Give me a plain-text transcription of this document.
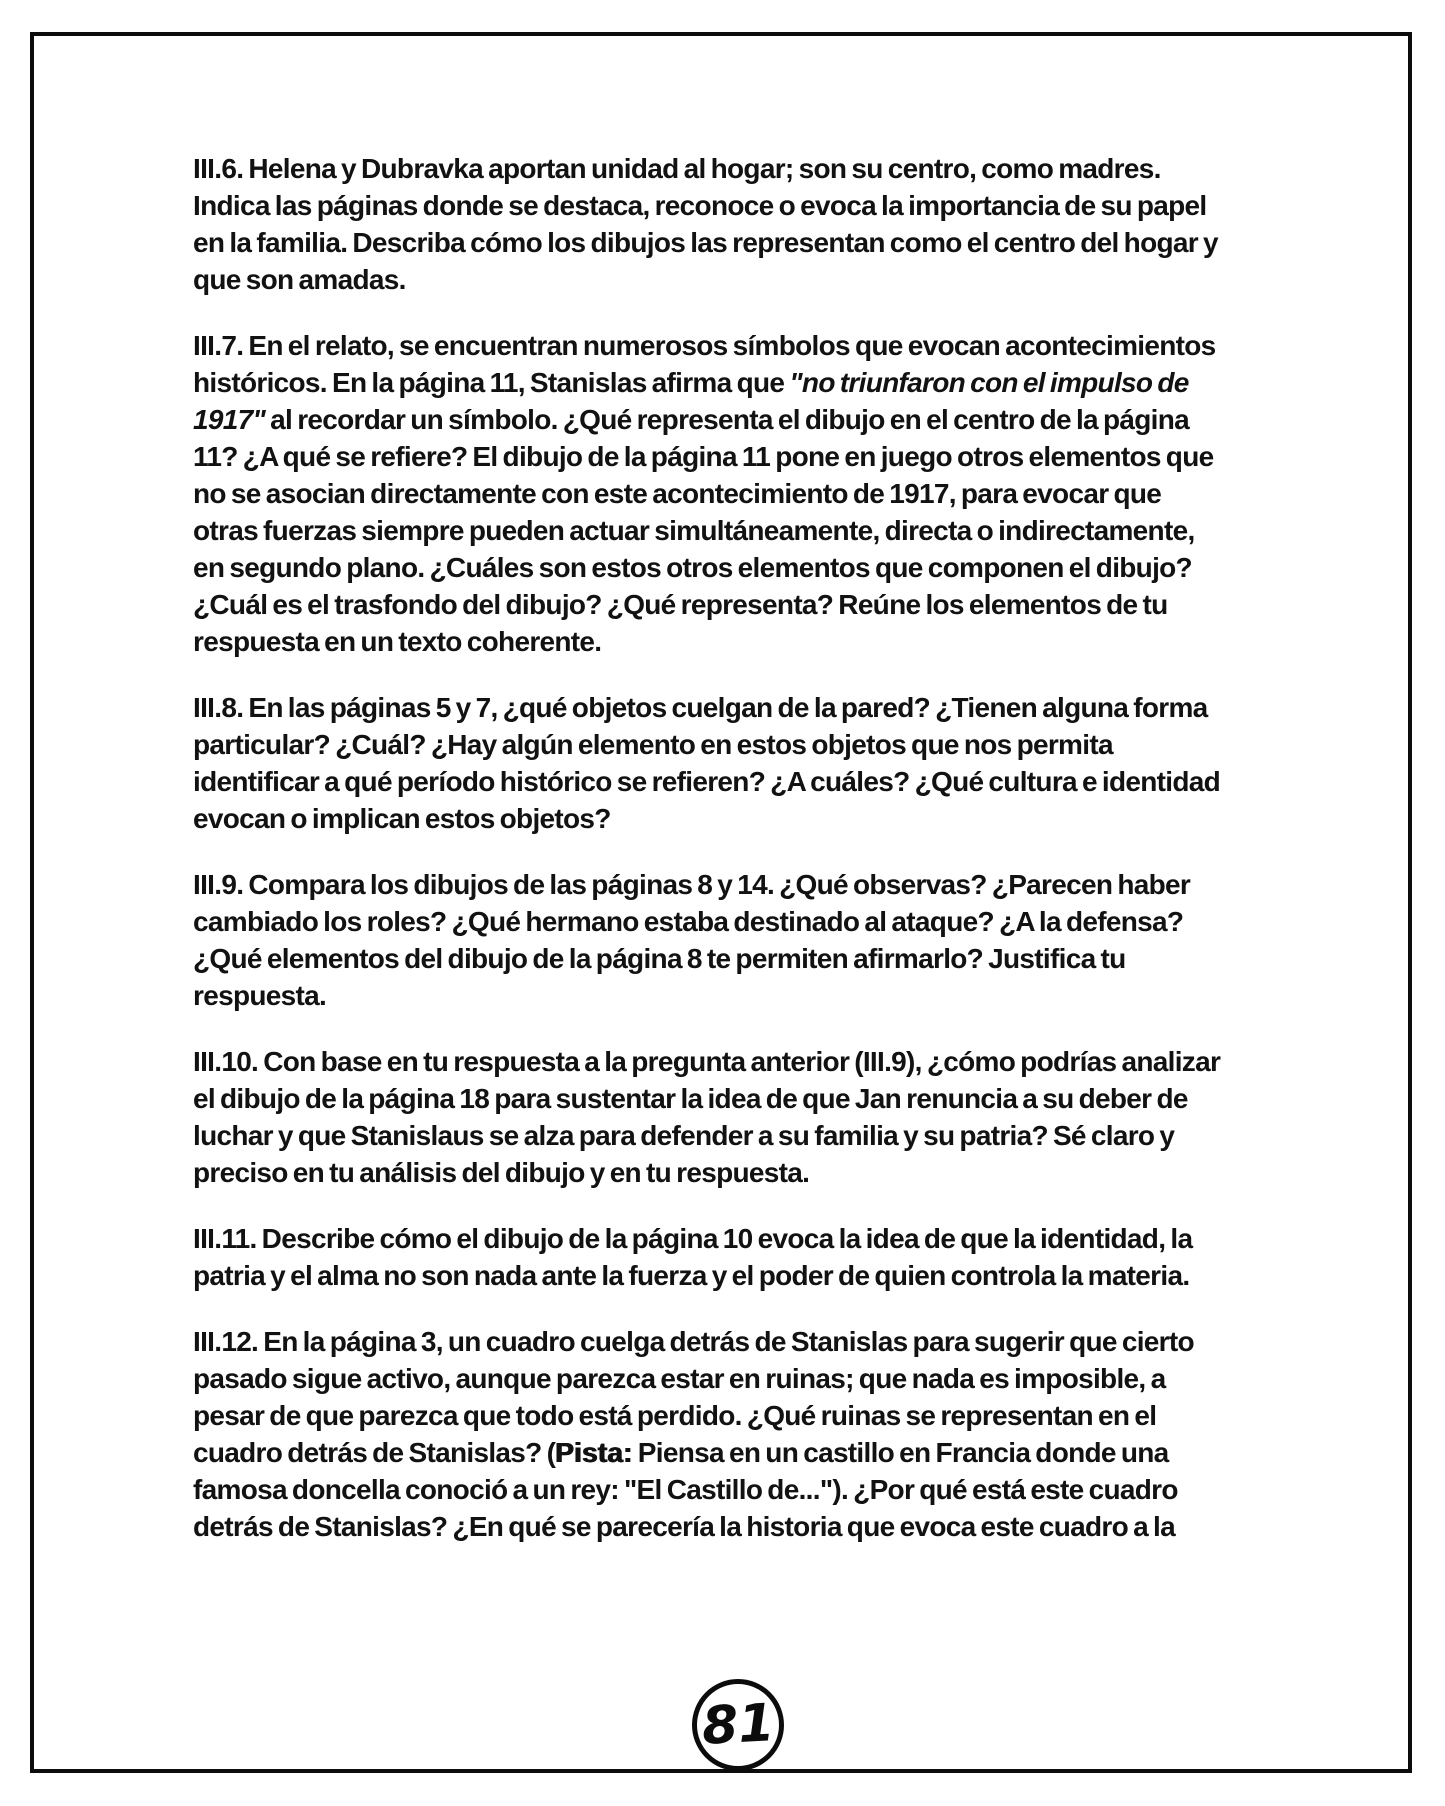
III.6. Helena y Dubravka aportan unidad al hogar; son su centro, como madres. Indica las páginas donde se destaca, reconoce o evoca la importancia de su papel en la familia. Describa cómo los dibujos las representan como el centro del hogar y que son amadas.

III.7. En el relato, se encuentran numerosos símbolos que evocan acontecimientos históricos. En la página 11, Stanislas afirma que "no triunfaron con el impulso de 1917" al recordar un símbolo. ¿Qué representa el dibujo en el centro de la página 11? ¿A qué se refiere? El dibujo de la página 11 pone en juego otros elementos que no se asocian directamente con este acontecimiento de 1917, para evocar que otras fuerzas siempre pueden actuar simultáneamente, directa o indirectamente, en segundo plano. ¿Cuáles son estos otros elementos que componen el dibujo? ¿Cuál es el trasfondo del dibujo? ¿Qué representa? Reúne los elementos de tu respuesta en un texto coherente.

III.8. En las páginas 5 y 7, ¿qué objetos cuelgan de la pared? ¿Tienen alguna forma particular? ¿Cuál? ¿Hay algún elemento en estos objetos que nos permita identificar a qué período histórico se refieren? ¿A cuáles? ¿Qué cultura e identidad evocan o implican estos objetos?

III.9. Compara los dibujos de las páginas 8 y 14. ¿Qué observas? ¿Parecen haber cambiado los roles? ¿Qué hermano estaba destinado al ataque? ¿A la defensa? ¿Qué elementos del dibujo de la página 8 te permiten afirmarlo? Justifica tu respuesta.

III.10. Con base en tu respuesta a la pregunta anterior (III.9), ¿cómo podrías analizar el dibujo de la página 18 para sustentar la idea de que Jan renuncia a su deber de luchar y que Stanislaus se alza para defender a su familia y su patria? Sé claro y preciso en tu análisis del dibujo y en tu respuesta.

III.11. Describe cómo el dibujo de la página 10 evoca la idea de que la identidad, la patria y el alma no son nada ante la fuerza y el poder de quien controla la materia.

III.12. En la página 3, un cuadro cuelga detrás de Stanislas para sugerir que cierto pasado sigue activo, aunque parezca estar en ruinas; que nada es imposible, a pesar de que parezca que todo está perdido. ¿Qué ruinas se representan en el cuadro detrás de Stanislas? (Pista: Piensa en un castillo en Francia donde una famosa doncella conoció a un rey: "El Castillo de..."). ¿Por qué está este cuadro detrás de Stanislas? ¿En qué se parecería la historia que evoca este cuadro a la

81
